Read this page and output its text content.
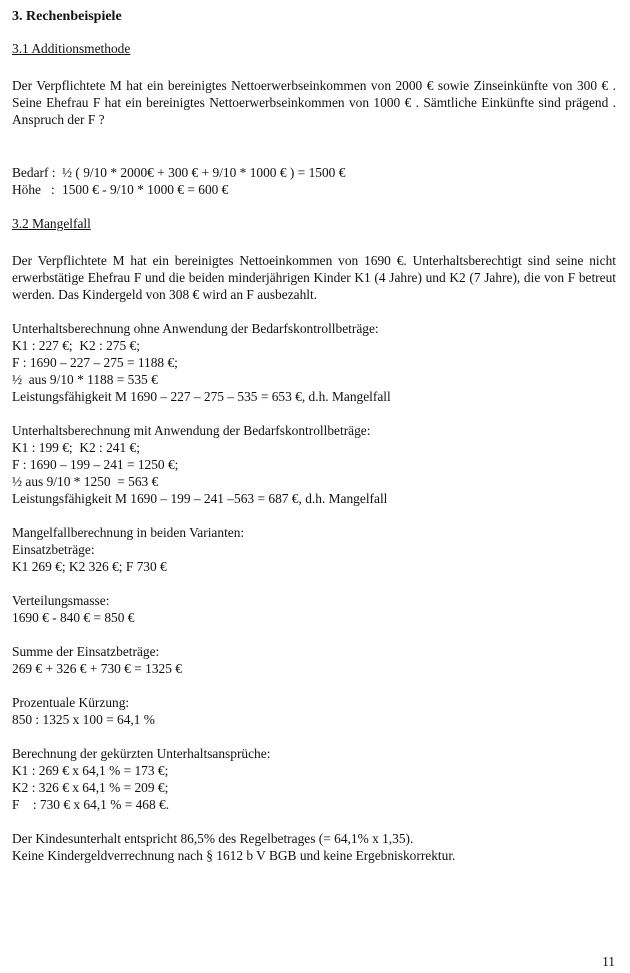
3. Rechenbeispiele

3.1 Additionsmethode

Der Verpflichtete M hat ein bereinigtes Nettoerwerbseinkommen von 2000 € sowie Zinseinkünfte von 300 € . Seine Ehefrau F hat ein bereinigtes Nettoerwerbseinkommen von 1000 € . Sämtliche Einkünfte sind prägend . Anspruch der F ?

Bedarf : ½ ( 9/10 * 2000€ + 300 € + 9/10 * 1000 € ) = 1500 €
Höhe   : 1500 € - 9/10 * 1000 € = 600 €

3.2 Mangelfall

Der Verpflichtete M hat ein bereinigtes Nettoeinkommen von 1690 €. Unterhaltsberechtigt sind seine nicht erwerbstätige Ehefrau F und die beiden minderjährigen Kinder K1 (4 Jahre) und K2 (7 Jahre), die von F betreut werden. Das Kindergeld von 308 € wird an F ausbezahlt.

Unterhaltsberechnung ohne Anwendung der Bedarfskontrollbeträge:
K1 : 227 €;  K2 : 275 €;
F : 1690 – 227 – 275 = 1188 €;
½  aus 9/10 * 1188 = 535 €
Leistungsfähigkeit M 1690 – 227 – 275 – 535 = 653 €, d.h. Mangelfall
Unterhaltsberechnung mit Anwendung der Bedarfskontrollbeträge:
K1 : 199 €;  K2 : 241 €;
F : 1690 – 199 – 241 = 1250 €;
½ aus 9/10 * 1250  = 563 €
Leistungsfähigkeit M 1690 – 199 – 241 –563 = 687 €, d.h. Mangelfall
Mangelfallberechnung in beiden Varianten:
Einsatzbeträge:
K1 269 €; K2 326 €; F 730 €
Verteilungsmasse:
1690 € - 840 € = 850 €
Summe der Einsatzbeträge:
269 € + 326 € + 730 € = 1325 €
Prozentuale Kürzung:
850 : 1325 x 100 = 64,1 %
Berechnung der gekürzten Unterhaltsansprüche:
K1 : 269 € x 64,1 % = 173 €;
K2 : 326 € x 64,1 % = 209 €;
F    : 730 € x 64,1 % = 468 €.
Der Kindesunterhalt entspricht 86,5% des Regelbetrages (= 64,1% x 1,35).
Keine Kindergeldverrechnung nach § 1612 b V BGB und keine Ergebniskorrektur.
11
